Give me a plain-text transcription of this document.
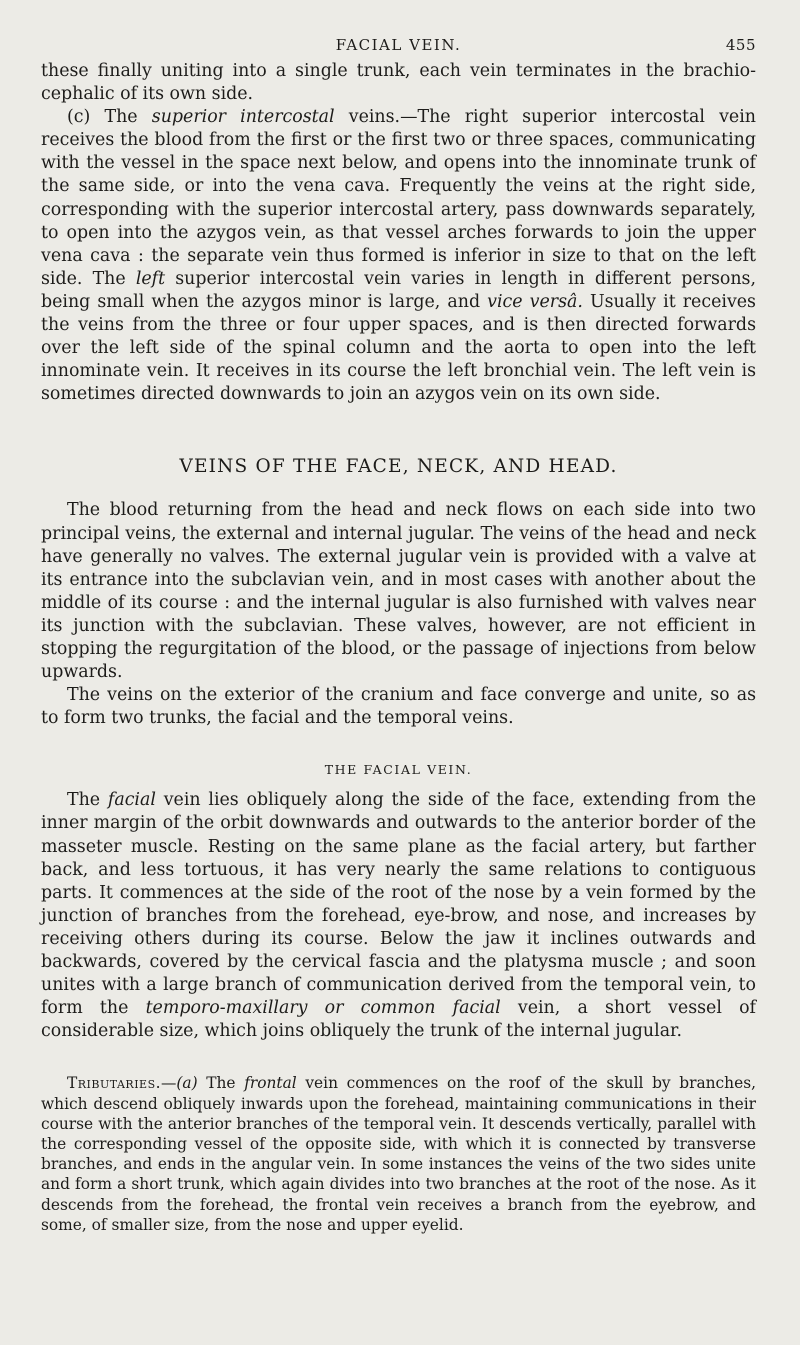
FACIAL VEIN.	455

these finally uniting into a single trunk, each vein terminates in the brachio-cephalic of its own side.

(c) The superior intercostal veins.—The right superior intercostal vein receives the blood from the first or the first two or three spaces, communicating with the vessel in the space next below, and opens into the innominate trunk of the same side, or into the vena cava. Frequently the veins at the right side, corresponding with the superior intercostal artery, pass downwards separately, to open into the azygos vein, as that vessel arches forwards to join the upper vena cava : the separate vein thus formed is inferior in size to that on the left side. The left superior intercostal vein varies in length in different persons, being small when the azygos minor is large, and vice versâ. Usually it receives the veins from the three or four upper spaces, and is then directed forwards over the left side of the spinal column and the aorta to open into the left innominate vein. It receives in its course the left bronchial vein. The left vein is sometimes directed downwards to join an azygos vein on its own side.

VEINS OF THE FACE, NECK, AND HEAD.

The blood returning from the head and neck flows on each side into two principal veins, the external and internal jugular. The veins of the head and neck have generally no valves. The external jugular vein is provided with a valve at its entrance into the subclavian vein, and in most cases with another about the middle of its course : and the internal jugular is also furnished with valves near its junction with the subclavian. These valves, however, are not efficient in stopping the regurgitation of the blood, or the passage of injections from below upwards.

The veins on the exterior of the cranium and face converge and unite, so as to form two trunks, the facial and the temporal veins.

THE FACIAL VEIN.

The facial vein lies obliquely along the side of the face, extending from the inner margin of the orbit downwards and outwards to the anterior border of the masseter muscle. Resting on the same plane as the facial artery, but farther back, and less tortuous, it has very nearly the same relations to contiguous parts. It commences at the side of the root of the nose by a vein formed by the junction of branches from the forehead, eye-brow, and nose, and increases by receiving others during its course. Below the jaw it inclines outwards and backwards, covered by the cervical fascia and the platysma muscle ; and soon unites with a large branch of communication derived from the temporal vein, to form the temporo-maxillary or common facial vein, a short vessel of considerable size, which joins obliquely the trunk of the internal jugular.

Tributaries.—(a) The frontal vein commences on the roof of the skull by branches, which descend obliquely inwards upon the forehead, maintaining communications in their course with the anterior branches of the temporal vein. It descends vertically, parallel with the corresponding vessel of the opposite side, with which it is connected by transverse branches, and ends in the angular vein. In some instances the veins of the two sides unite and form a short trunk, which again divides into two branches at the root of the nose. As it descends from the forehead, the frontal vein receives a branch from the eyebrow, and some, of smaller size, from the nose and upper eyelid.
